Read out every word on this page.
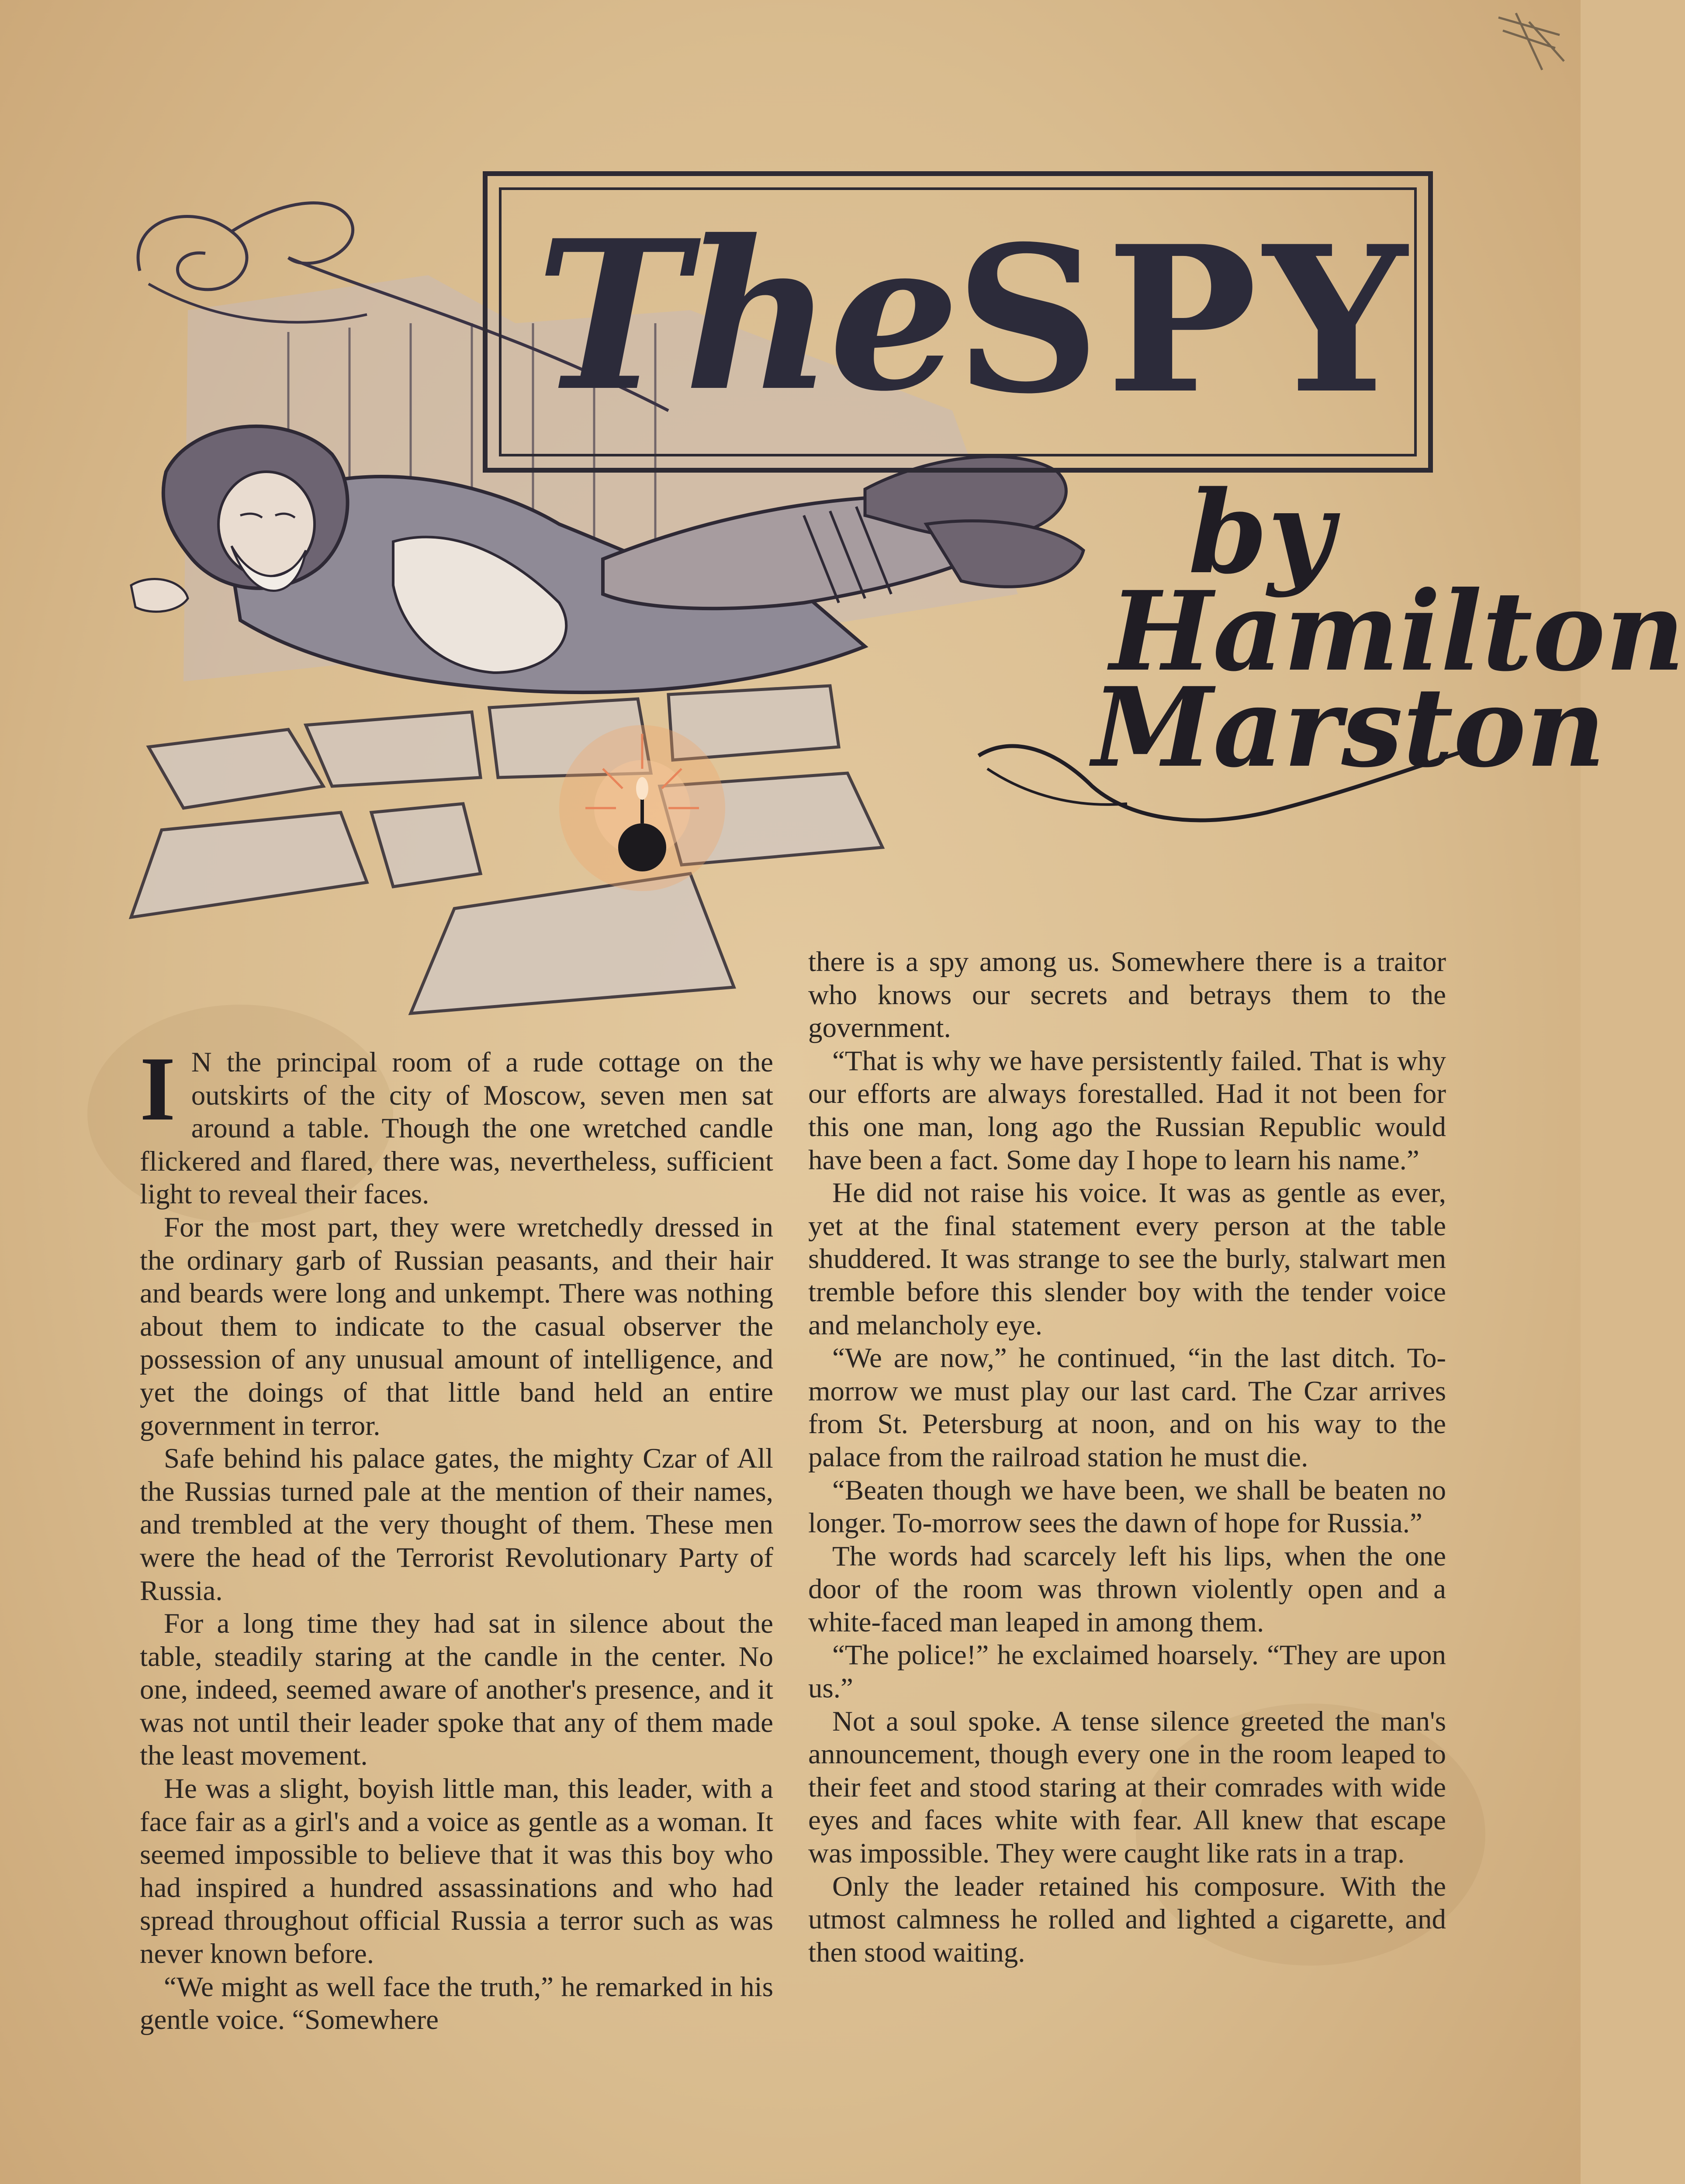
The SPY
by
Hamilton
Marston

I N the principal room of a rude cottage on the outskirts of the city of Moscow, seven men sat around a table. Though the one wretched candle flickered and flared, there was, nevertheless, sufficient light to reveal their faces.

For the most part, they were wretchedly dressed in the ordinary garb of Russian peasants, and their hair and beards were long and unkempt. There was nothing about them to indicate to the casual observer the possession of any unusual amount of intelligence, and yet the doings of that little band held an entire government in terror.

Safe behind his palace gates, the mighty Czar of All the Russias turned pale at the mention of their names, and trembled at the very thought of them. These men were the head of the Terrorist Revolutionary Party of Russia.

For a long time they had sat in silence about the table, steadily staring at the candle in the center. No one, indeed, seemed aware of another's presence, and it was not until their leader spoke that any of them made the least movement.

He was a slight, boyish little man, this leader, with a face fair as a girl's and a voice as gentle as a woman. It seemed impossible to believe that it was this boy who had inspired a hundred assassinations and who had spread throughout official Russia a terror such as was never known before.

“We might as well face the truth,” he remarked in his gentle voice. “Somewhere

there is a spy among us. Somewhere there is a traitor who knows our secrets and betrays them to the government.

“That is why we have persistently failed. That is why our efforts are always forestalled. Had it not been for this one man, long ago the Russian Republic would have been a fact. Some day I hope to learn his name.”

He did not raise his voice. It was as gentle as ever, yet at the final statement every person at the table shuddered. It was strange to see the burly, stalwart men tremble before this slender boy with the tender voice and melancholy eye.

“We are now,” he continued, “in the last ditch. To-morrow we must play our last card. The Czar arrives from St. Petersburg at noon, and on his way to the palace from the railroad station he must die.

“Beaten though we have been, we shall be beaten no longer. To-morrow sees the dawn of hope for Russia.”

The words had scarcely left his lips, when the one door of the room was thrown violently open and a white-faced man leaped in among them.

“The police!” he exclaimed hoarsely. “They are upon us.”

Not a soul spoke. A tense silence greeted the man's announcement, though every one in the room leaped to their feet and stood staring at their comrades with wide eyes and faces white with fear. All knew that escape was impossible. They were caught like rats in a trap.

Only the leader retained his composure. With the utmost calmness he rolled and lighted a cigarette, and then stood waiting.
